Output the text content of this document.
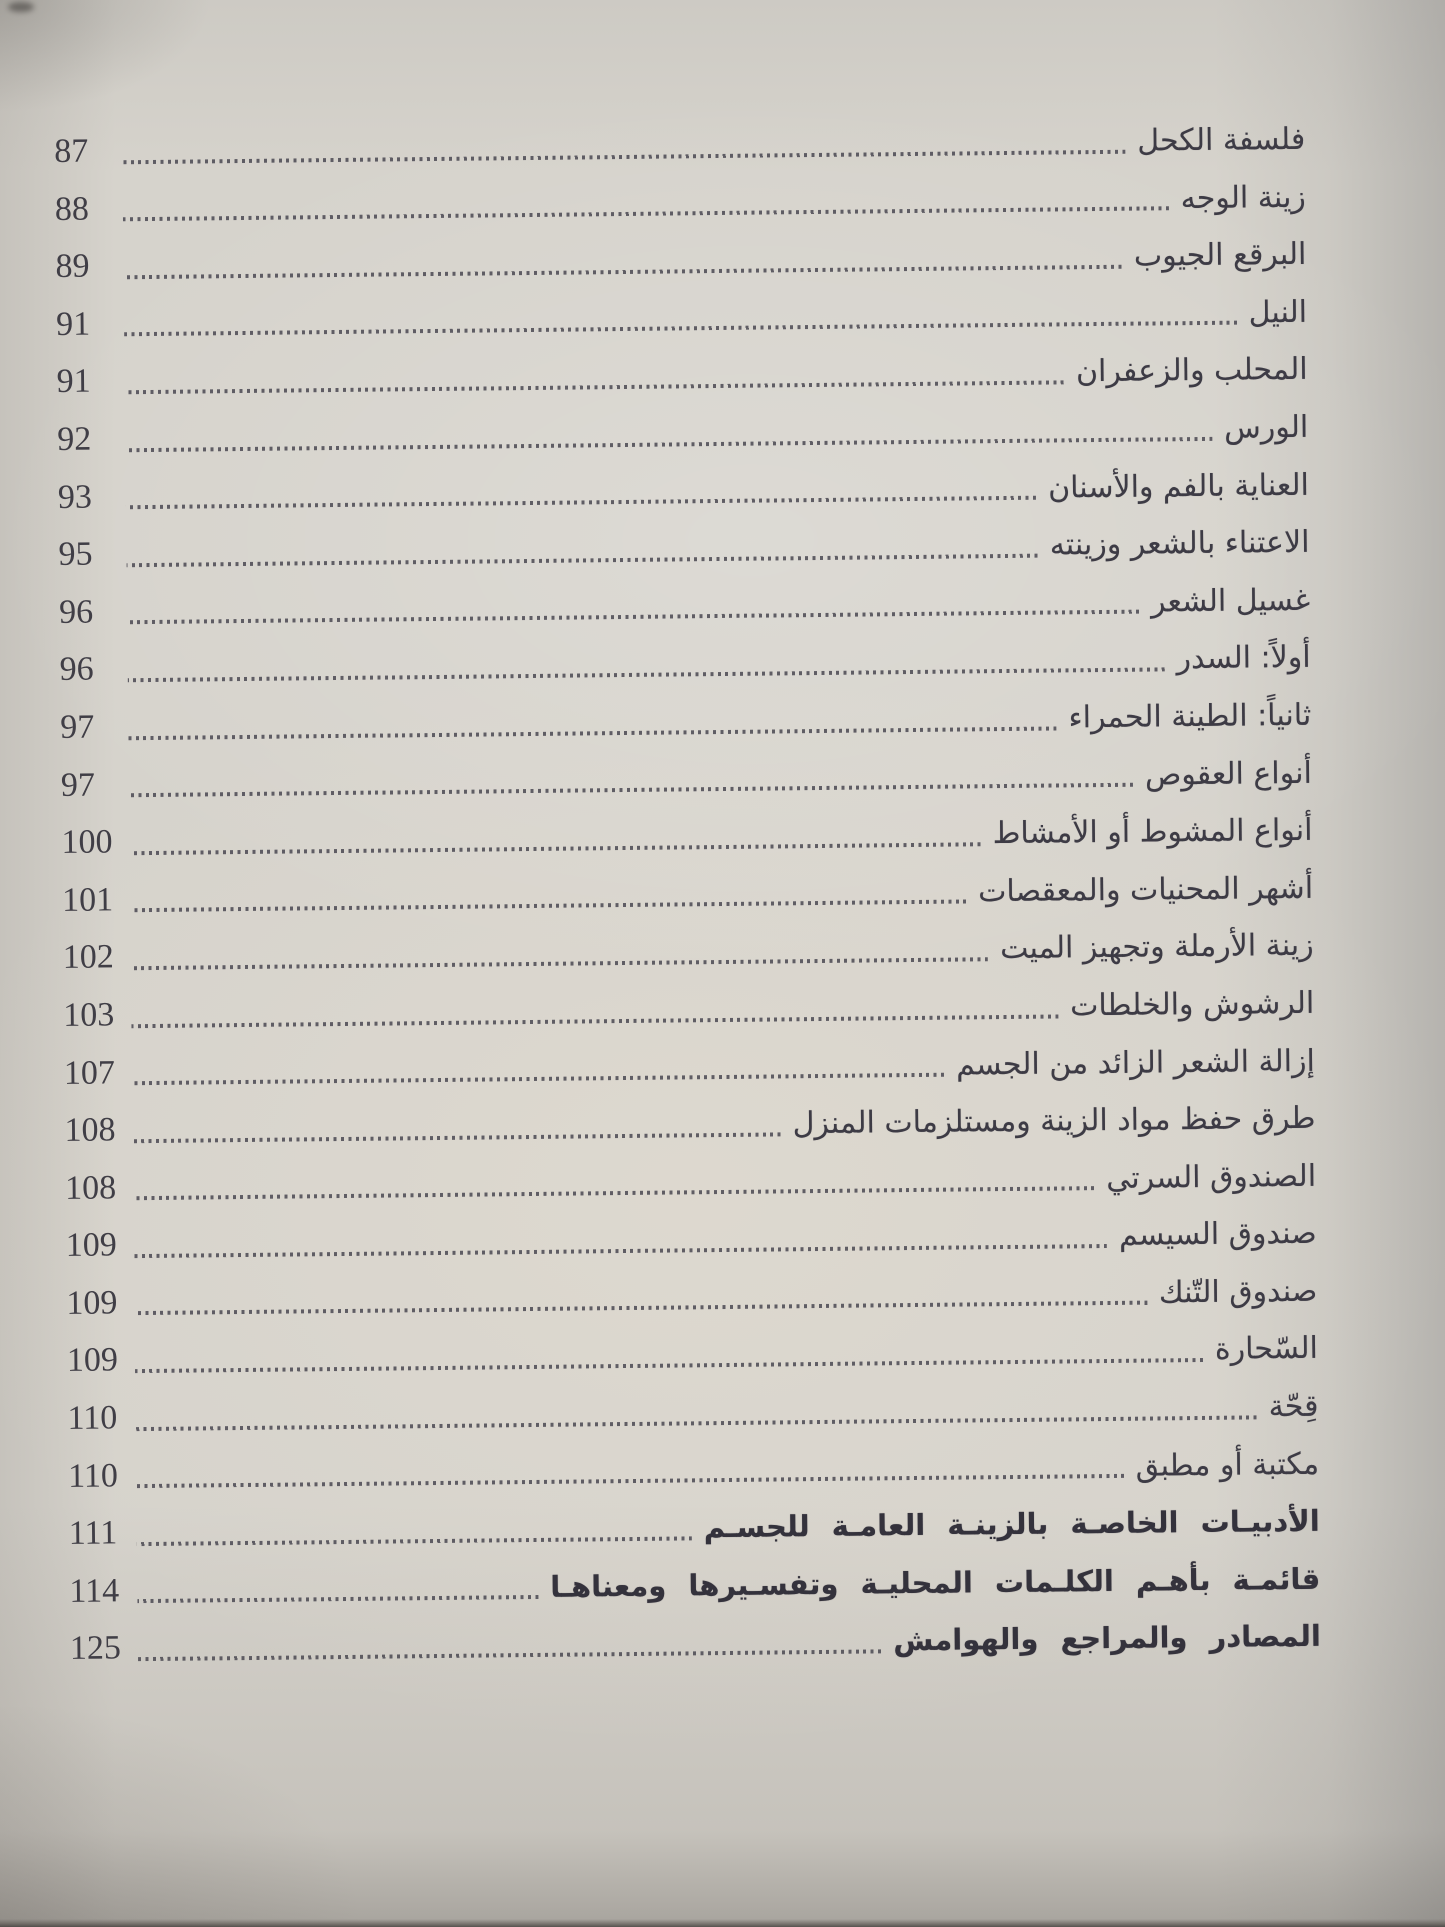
فلسفة الكحل
87
زينة الوجه
88
البرقع الجيوب
89
النيل
91
المحلب والزعفران
91
الورس
92
العناية بالفم والأسنان
93
الاعتناء بالشعر وزينته
95
غسيل الشعر
96
أولاً: السدر
96
ثانياً: الطينة الحمراء
97
أنواع العقوص
97
أنواع المشوط أو الأمشاط
100
أشهر المحنيات والمعقصات
101
زينة الأرملة وتجهيز الميت
102
الرشوش والخلطات
103
إزالة الشعر الزائد من الجسم
107
طرق حفظ مواد الزينة ومستلزمات المنزل
108
الصندوق السرتي
108
صندوق السيسم
109
صندوق التّنك
109
السّحارة
109
قِحّة
110
مكتبة أو مطبق
110
الأدبيـات الخاصـة بالزينـة العامـة للجسـم
111
قائمـة بأهـم الكلـمات المحليـة وتفسـيرها ومعناهـا
114
المصادر والمراجع والهوامش
125
